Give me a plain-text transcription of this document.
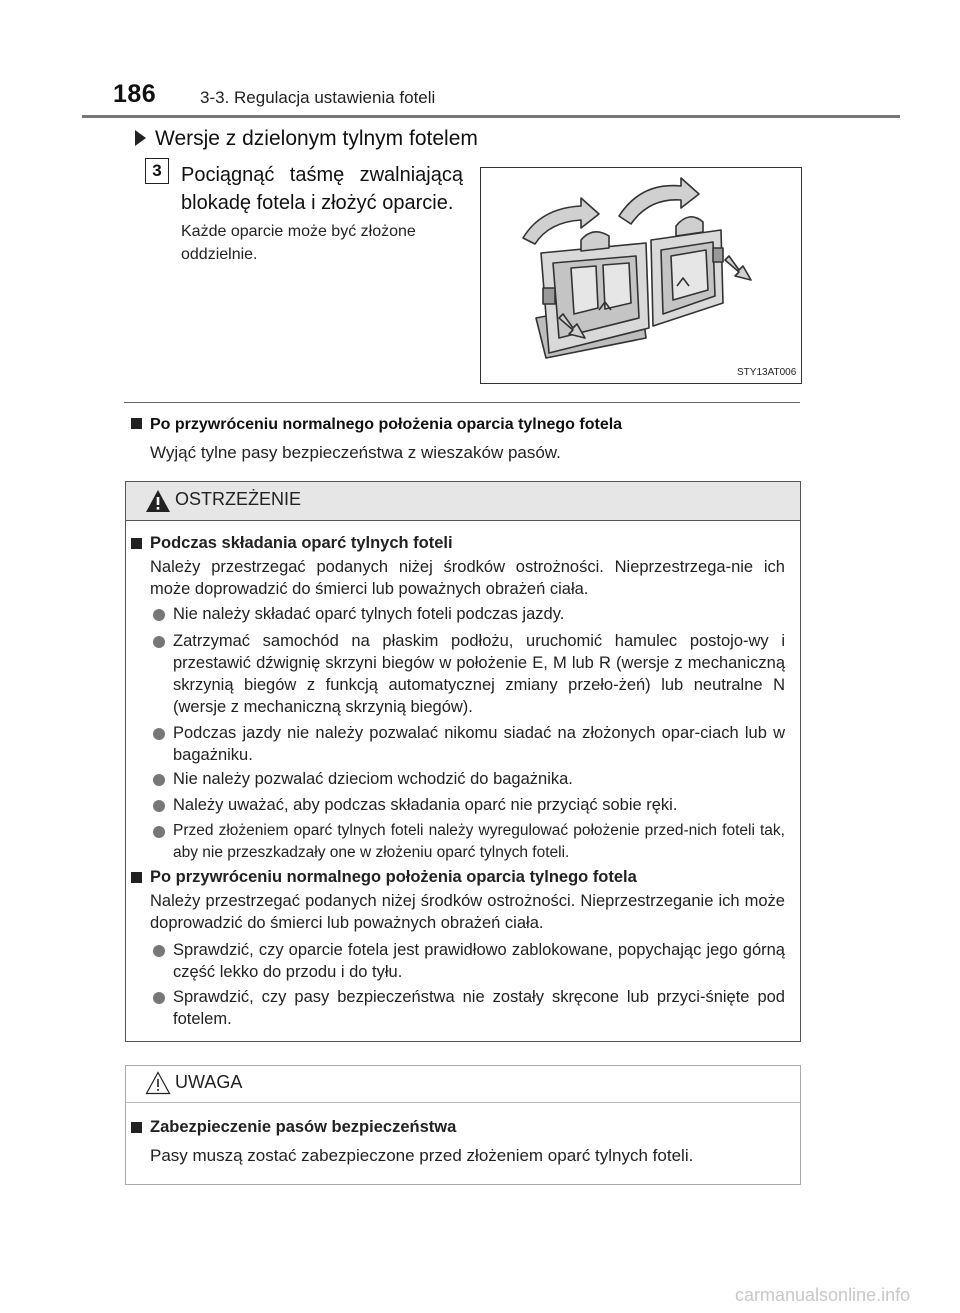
186	3-3. Regulacja ustawienia foteli
Wersje z dzielonym tylnym fotelem
3 Pociągnąć taśmę zwalniającą blokadę fotela i złożyć oparcie.
Każde oparcie może być złożone oddzielnie.
STY13AT006
Po przywróceniu normalnego położenia oparcia tylnego fotela
Wyjąć tylne pasy bezpieczeństwa z wieszaków pasów.
OSTRZEŻENIE
Podczas składania oparć tylnych foteli
Należy przestrzegać podanych niżej środków ostrożności. Nieprzestrzega-nie ich może doprowadzić do śmierci lub poważnych obrażeń ciała.
Nie należy składać oparć tylnych foteli podczas jazdy.
Zatrzymać samochód na płaskim podłożu, uruchomić hamulec postojo-wy i przestawić dźwignię skrzyni biegów w położenie E, M lub R (wersje z mechaniczną skrzynią biegów z funkcją automatycznej zmiany przeło-żeń) lub neutralne N (wersje z mechaniczną skrzynią biegów).
Podczas jazdy nie należy pozwalać nikomu siadać na złożonych opar-ciach lub w bagażniku.
Nie należy pozwalać dzieciom wchodzić do bagażnika.
Należy uważać, aby podczas składania oparć nie przyciąć sobie ręki.
Przed złożeniem oparć tylnych foteli należy wyregulować położenie przed-nich foteli tak, aby nie przeszkadzały one w złożeniu oparć tylnych foteli.
Po przywróceniu normalnego położenia oparcia tylnego fotela
Należy przestrzegać podanych niżej środków ostrożności. Nieprzestrzeganie ich może doprowadzić do śmierci lub poważnych obrażeń ciała.
Sprawdzić, czy oparcie fotela jest prawidłowo zablokowane, popychając jego górną część lekko do przodu i do tyłu.
Sprawdzić, czy pasy bezpieczeństwa nie zostały skręcone lub przyci-śnięte pod fotelem.
UWAGA
Zabezpieczenie pasów bezpieczeństwa
Pasy muszą zostać zabezpieczone przed złożeniem oparć tylnych foteli.
carmanualsonline.info
